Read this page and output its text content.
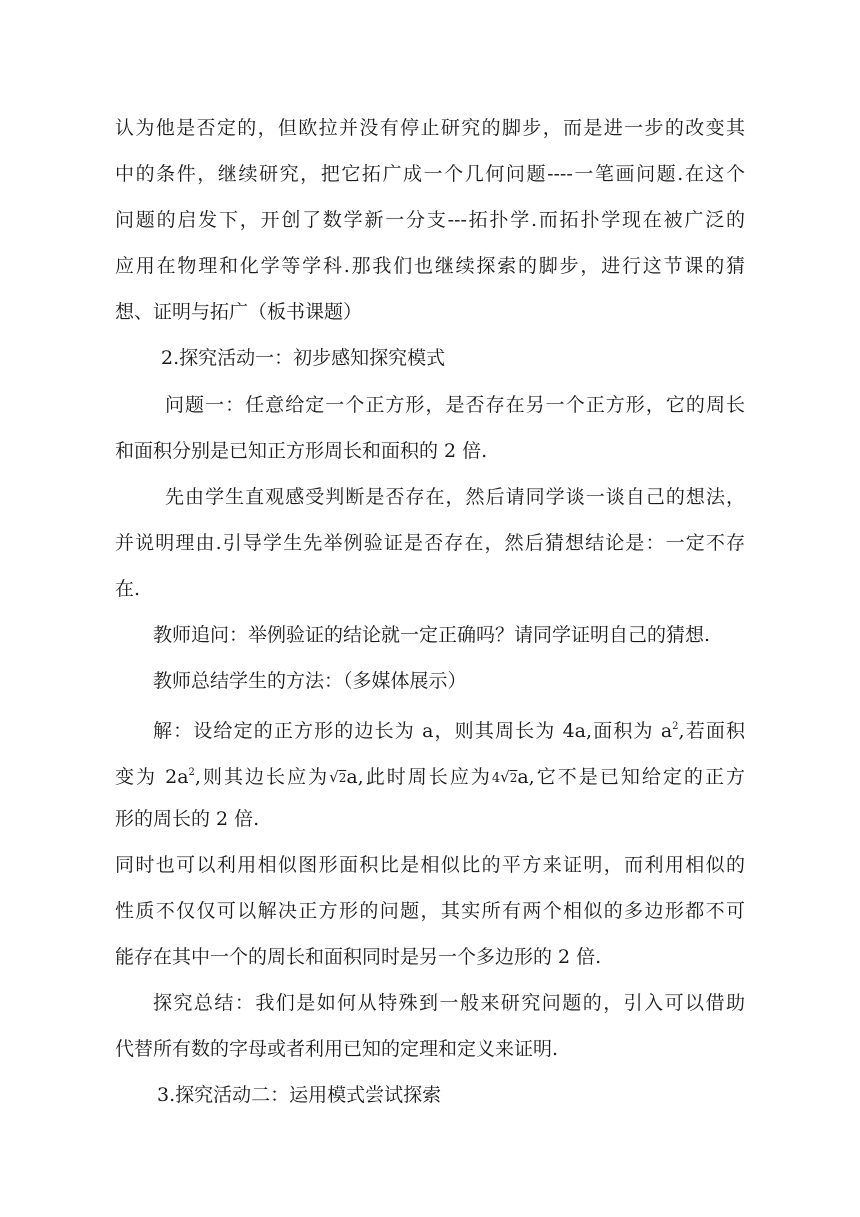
认为他是否定的，但欧拉并没有停止研究的脚步，而是进一步的改变其
中的条件，继续研究，把它拓广成一个几何问题----一笔画问题.在这个
问题的启发下，开创了数学新一分支---拓扑学.而拓扑学现在被广泛的
应用在物理和化学等学科.那我们也继续探索的脚步，进行这节课的猜
想、证明与拓广（板书课题）
2.探究活动一：初步感知探究模式
问题一：任意给定一个正方形，是否存在另一个正方形，它的周长
和面积分别是已知正方形周长和面积的 2 倍.
先由学生直观感受判断是否存在，然后请同学谈一谈自己的想法，
并说明理由.引导学生先举例验证是否存在，然后猜想结论是：一定不存
在.
教师追问：举例验证的结论就一定正确吗？请同学证明自己的猜想.
教师总结学生的方法：（多媒体展示）
解：设给定的正方形的边长为 a，则其周长为 4a,面积为 $a^2$,若面积
变为 $2a^2$,则其边长应为√2a,此时周长应为4√2a,它不是已知给定的正方
形的周长的 2 倍.
同时也可以利用相似图形面积比是相似比的平方来证明，而利用相似的
性质不仅仅可以解决正方形的问题，其实所有两个相似的多边形都不可
能存在其中一个的周长和面积同时是另一个多边形的 2 倍.
探究总结：我们是如何从特殊到一般来研究问题的，引入可以借助
代替所有数的字母或者利用已知的定理和定义来证明.
3.探究活动二：运用模式尝试探索
